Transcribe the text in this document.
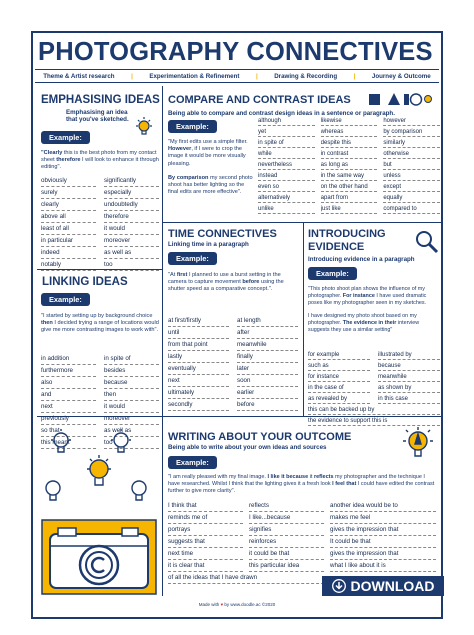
PHOTOGRAPHY CONNECTIVES
Theme & Artist research	|	Experimentation & Refinement	|	Drawing & Recording	|	Journey & Outcome
EMPHASISING IDEAS
Emphasising an idea that you've sketched.
Example:
"Clearly this is the best photo from my contact sheet therefore I will look to enhance it through editing".
obviously	significantly
surely	especially
clearly	undoubtedly
above all	therefore
least of all	it would
in particular	moreover
indeed	as well as
notably	too
LINKING IDEAS
Example:
"I started by setting up by background choice then I decided trying a range of locations would give me more contrasting images to work with".
in addition	in spite of
furthermore	besides
also	because
and	then
next	it would
previously	moreover
so that	as well as
this meant	too
COMPARE AND CONTRAST IDEAS
Being able to compare and contrast design ideas in a sentence or paragraph.
Example:
"My first edits use a simple filter. However, if I were to crop the image it would be more visually pleasing.

By comparison my second photo shoot has better lighting so the final edits are more effective".
although	likewise	however
yet	whereas	by comparison
in spite of	despite this	similarly
while	in contrast	otherwise
nevertheless	as long as	but
instead	in the same way	unless
even so	on the other hand	except
alternatively	apart from	equally
unlike	just like	compared to
TIME CONNECTIVES
Linking time in a paragraph
Example:
"At first I planned to use a burst setting in the camera to capture movement before using the shutter speed as a comparative concept.".
at first/firstly	at length
until	after
from that point	meanwhile
lastly	finally
eventually	later
next	soon
ultimately	earlier
secondly	before
INTRODUCING
EVIDENCE
Introducing evidence in a paragraph
Example:
"This photo shoot plan shows the influence of my photographer. For instance I have used dramatic poses like my photographer seen in my sketches.

I have designed my photo shoot based on my photographer. The evidence in their interview suggests they use a similar setting"
for example	illustrated by
such as	because
for instance	meanwhile
in the case of	as shown by
as revealed by	in this case
this can be backed up by
the evidence to support this is
WRITING ABOUT YOUR OUTCOME
Being able to write about your own ideas and sources
Example:
"I am really pleased with my final image. I like it because it reflects my photographer and the technique I have researched. Whilst I think that the lighting gives it a fresh look I feel that I could have edited the contrast further to give more clarity".
I think that	reflects	another idea would be to
reminds me of	I like...because	makes me feel
portrays	signifies	gives the impression that
suggests that	reinforces	It could be that
next time	it could be that	gives the impression that
it is clear that	this particular idea	what I like about it is
of all the ideas that I have drawn
DOWNLOAD
Made with ♥ by www.doodle.ac ©2020
